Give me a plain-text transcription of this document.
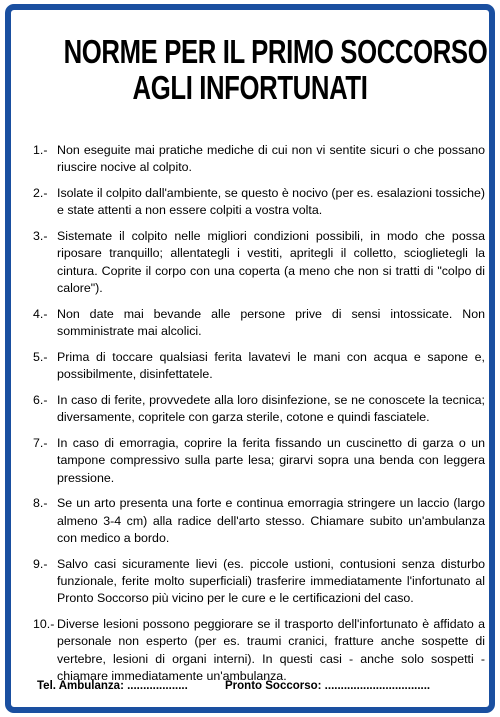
NORME PER IL PRIMO SOCCORSO
AGLI INFORTUNATI
1.- Non eseguite mai pratiche mediche di cui non vi sentite sicuri o che possano riuscire nocive al colpito.
2.- Isolate il colpito dall'ambiente, se questo è nocivo (per es. esalazioni tossiche) e state attenti a non essere colpiti a vostra volta.
3.- Sistemate il colpito nelle migliori condizioni possibili, in modo che possa riposare tranquillo; allentategli i vestiti, apritegli il colletto, scioglietegli la cintura. Coprite il corpo con una coperta (a meno che non si tratti di "colpo di calore").
4.- Non date mai bevande alle persone prive di sensi intossicate. Non somministrate mai alcolici.
5.- Prima di toccare qualsiasi ferita lavatevi le mani con acqua e sapone e, possibilmente, disinfettatele.
6.- In caso di ferite, provvedete alla loro disinfezione, se ne conoscete la tecnica; diversamente, copritele con garza sterile, cotone e quindi fasciatele.
7.- In caso di emorragia, coprire la ferita fissando un cuscinetto di garza o un tampone compressivo sulla parte lesa; girarvi sopra una benda con leggera pressione.
8.- Se un arto presenta una forte e continua emorragia stringere un laccio (largo almeno 3-4 cm) alla radice dell'arto stesso. Chiamare subito un'ambulanza con medico a bordo.
9.- Salvo casi sicuramente lievi (es. piccole ustioni, contusioni senza disturbo funzionale, ferite molto superficiali) trasferire immediatamente l'infortunato al Pronto Soccorso più vicino per le cure e le certificazioni del caso.
10.- Diverse lesioni possono peggiorare se il trasporto dell'infortunato è affidato a personale non esperto (per es. traumi cranici, fratture anche sospette di vertebre, lesioni di organi interni). In questi casi - anche solo sospetti - chiamare immediatamente un'ambulanza.
Tel. Ambulanza: ...................	Pronto Soccorso: .................................
